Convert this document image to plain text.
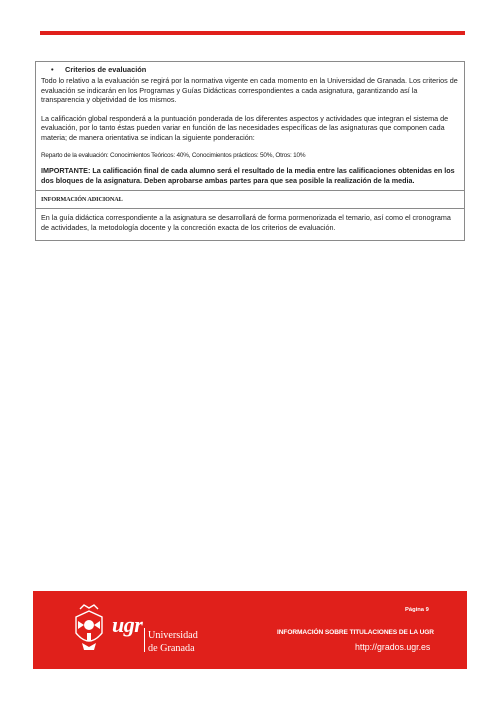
• Criterios de evaluación

Todo lo relativo a la evaluación se regirá por la normativa vigente en cada momento en la Universidad de Granada. Los criterios de evaluación se indicarán en los Programas y Guías Didácticas correspondientes a cada asignatura, garantizando así la transparencia y objetividad de los mismos.

La calificación global responderá a la puntuación ponderada de los diferentes aspectos y actividades que integran el sistema de evaluación, por lo tanto éstas pueden variar en función de las necesidades específicas de las asignaturas que componen cada materia; de manera orientativa se indican la siguiente ponderación:

Reparto de la evaluación: Conocimientos Teóricos: 40%, Conocimientos prácticos: 50%, Otros: 10%

IMPORTANTE: La calificación final de cada alumno será el resultado de la media entre las calificaciones obtenidas en los dos bloques de la asignatura. Deben aprobarse ambas partes para que sea posible la realización de la media.

INFORMACIÓN ADICIONAL

En la guía didáctica correspondiente a la asignatura se desarrollará de forma pormenorizada el temario, así como el cronograma de actividades, la metodología docente y la concreción exacta de los criterios de evaluación.

ugr Universidad
de Granada
Página 9
INFORMACIÓN SOBRE TITULACIONES DE LA UGR
http://grados.ugr.es
